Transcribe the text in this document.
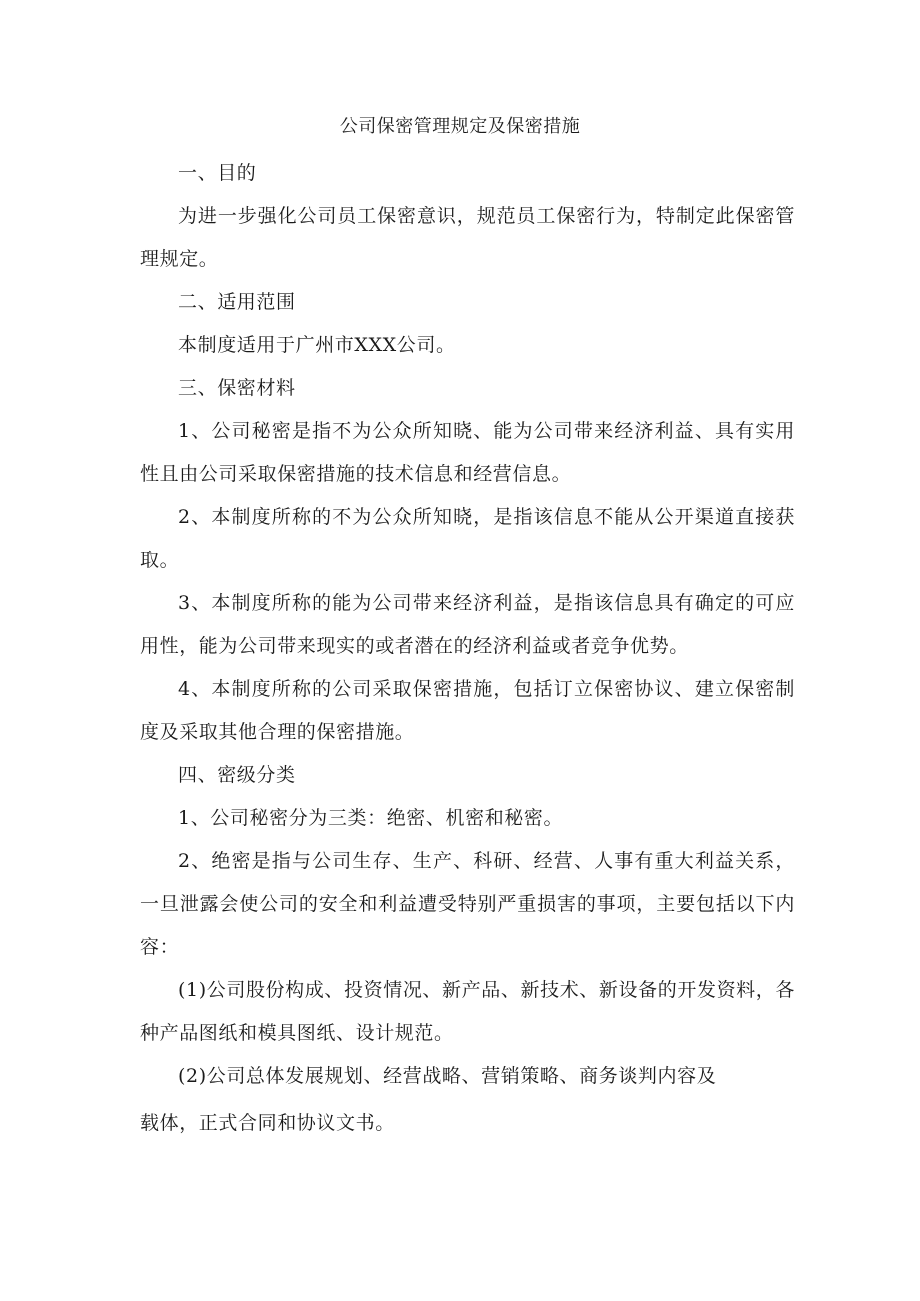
公司保密管理规定及保密措施

一、目的

为进一步强化公司员工保密意识，规范员工保密行为，特制定此保密管理规定。

二、适用范围

本制度适用于广州市XXX公司。

三、保密材料

1、公司秘密是指不为公众所知晓、能为公司带来经济利益、具有实用性且由公司采取保密措施的技术信息和经营信息。

2、本制度所称的不为公众所知晓，是指该信息不能从公开渠道直接获取。

3、本制度所称的能为公司带来经济利益，是指该信息具有确定的可应用性，能为公司带来现实的或者潜在的经济利益或者竞争优势。

4、本制度所称的公司采取保密措施，包括订立保密协议、建立保密制度及采取其他合理的保密措施。

四、密级分类

1、公司秘密分为三类：绝密、机密和秘密。

2、绝密是指与公司生存、生产、科研、经营、人事有重大利益关系，一旦泄露会使公司的安全和利益遭受特别严重损害的事项，主要包括以下内容：

(1)公司股份构成、投资情况、新产品、新技术、新设备的开发资料，各种产品图纸和模具图纸、设计规范。

(2)公司总体发展规划、经营战略、营销策略、商务谈判内容及

载体，正式合同和协议文书。
